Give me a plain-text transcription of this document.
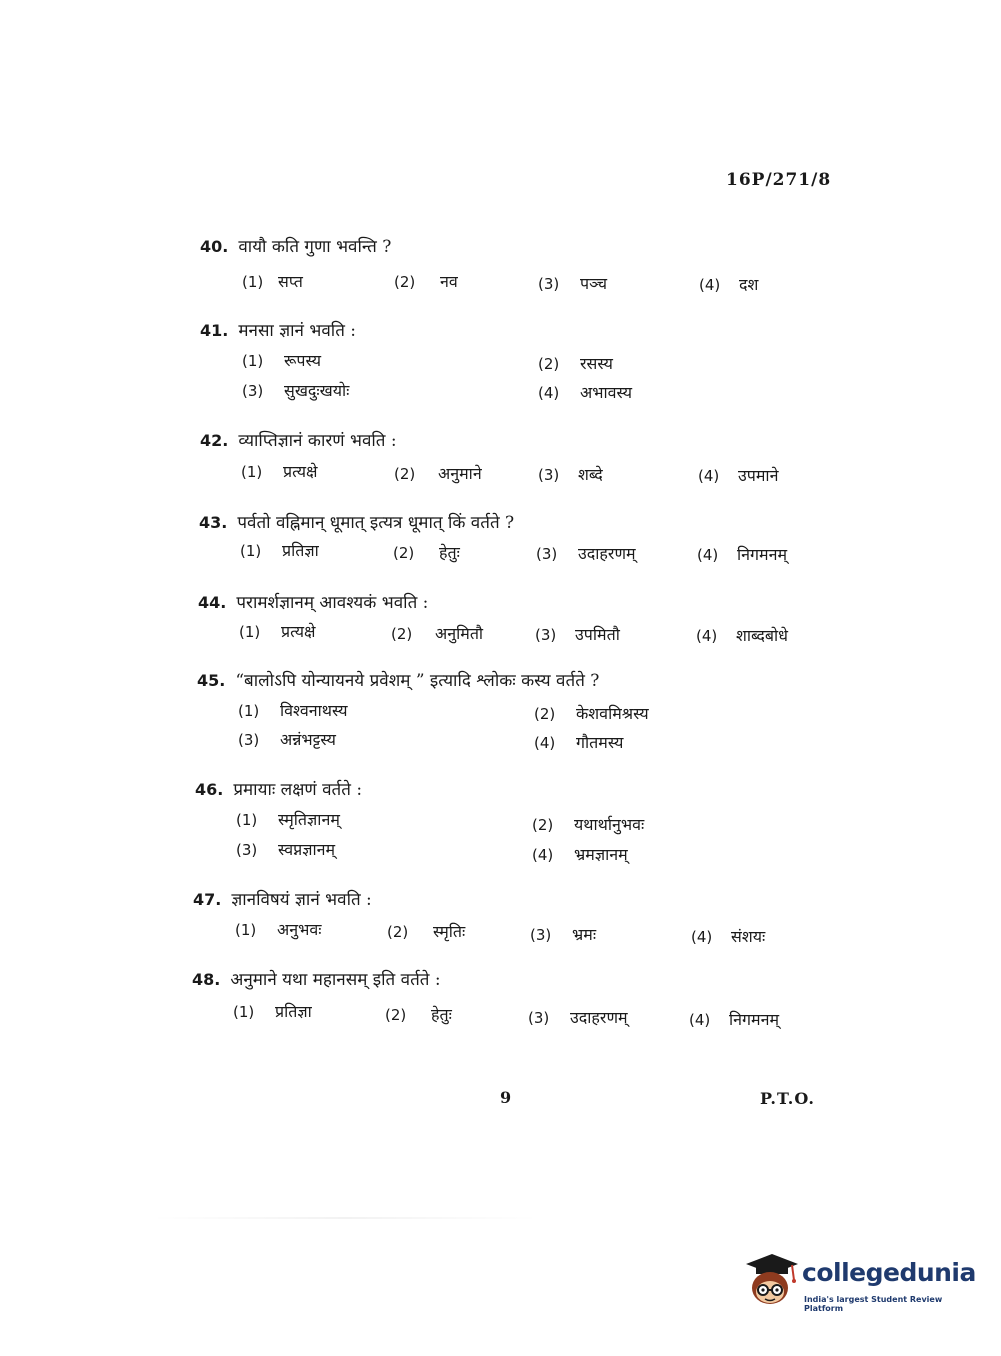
16P/271/8
40. वायौ कति गुणा भवन्ति ?
(1) सप्त	(2) नव	(3) पञ्च	(4) दश
41. मनसा ज्ञानं भवति :
(1) रूपस्य	(2) रसस्य
(3) सुखदुःखयोः	(4) अभावस्य
42. व्याप्तिज्ञानं कारणं भवति :
(1) प्रत्यक्षे	(2) अनुमाने	(3) शब्दे	(4) उपमाने
43. पर्वतो वह्निमान् धूमात् इत्यत्र धूमात् किं वर्तते ?
(1) प्रतिज्ञा	(2) हेतुः	(3) उदाहरणम्	(4) निगमनम्
44. परामर्शज्ञानम् आवश्यकं भवति :
(1) प्रत्यक्षे	(2) अनुमितौ	(3) उपमितौ	(4) शाब्दबोधे
45. “बालोऽपि योन्यायनये प्रवेशम् ” इत्यादि श्लोकः कस्य वर्तते ?
(1) विश्वनाथस्य	(2) केशवमिश्रस्य
(3) अन्नंभट्टस्य	(4) गौतमस्य
46. प्रमायाः लक्षणं वर्तते :
(1) स्मृतिज्ञानम्	(2) यथार्थानुभवः
(3) स्वप्नज्ञानम्	(4) भ्रमज्ञानम्
47. ज्ञानविषयं ज्ञानं भवति :
(1) अनुभवः	(2) स्मृतिः	(3) भ्रमः	(4) संशयः
48. अनुमाने यथा महानसम् इति वर्तते :
(1) प्रतिज्ञा	(2) हेतुः	(3) उदाहरणम्	(4) निगमनम्
9	P.T.O.
collegedunia
India's largest Student Review Platform
